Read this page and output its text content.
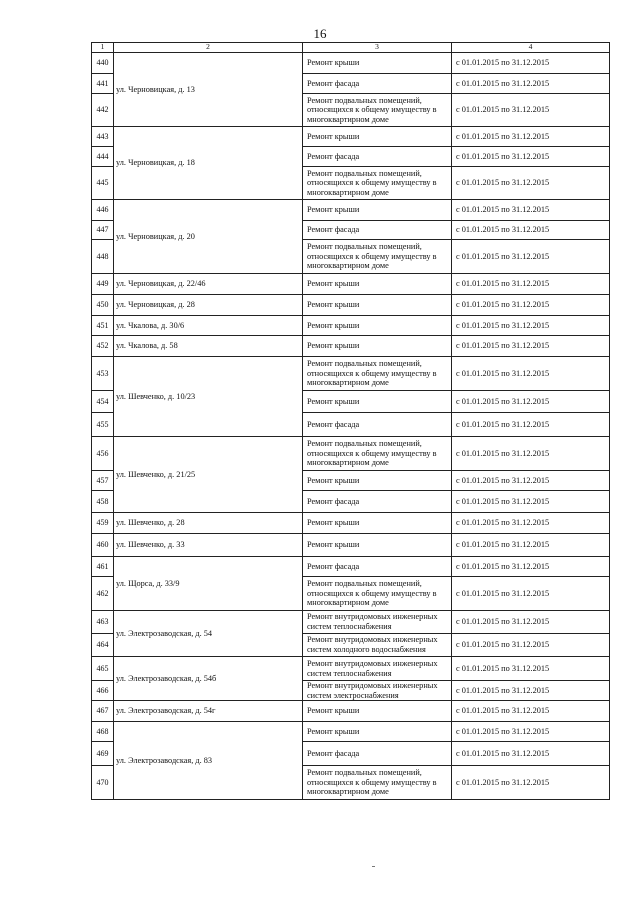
16
1	2	3	4
440	ул. Черновицкая, д. 13	Ремонт крыши	с 01.01.2015 по 31.12.2015
441		Ремонт фасада	с 01.01.2015 по 31.12.2015
442		Ремонт подвальных помещений, относящихся к общему имуществу в многоквартирном доме	с 01.01.2015 по 31.12.2015
443	ул. Черновицкая, д. 18	Ремонт крыши	с 01.01.2015 по 31.12.2015
444		Ремонт фасада	с 01.01.2015 по 31.12.2015
445		Ремонт подвальных помещений, относящихся к общему имуществу в многоквартирном доме	с 01.01.2015 по 31.12.2015
446	ул. Черновицкая, д. 20	Ремонт крыши	с 01.01.2015 по 31.12.2015
447		Ремонт фасада	с 01.01.2015 по 31.12.2015
448		Ремонт подвальных помещений, относящихся к общему имуществу в многоквартирном доме	с 01.01.2015 по 31.12.2015
449	ул. Черновицкая, д. 22/46	Ремонт крыши	с 01.01.2015 по 31.12.2015
450	ул. Черновицкая, д. 28	Ремонт крыши	с 01.01.2015 по 31.12.2015
451	ул. Чкалова, д. 30/6	Ремонт крыши	с 01.01.2015 по 31.12.2015
452	ул. Чкалова, д. 58	Ремонт крыши	с 01.01.2015 по 31.12.2015
453	ул. Шевченко, д. 10/23	Ремонт подвальных помещений, относящихся к общему имуществу в многоквартирном доме	с 01.01.2015 по 31.12.2015
454		Ремонт крыши	с 01.01.2015 по 31.12.2015
455		Ремонт фасада	с 01.01.2015 по 31.12.2015
456	ул. Шевченко, д. 21/25	Ремонт подвальных помещений, относящихся к общему имуществу в многоквартирном доме	с 01.01.2015 по 31.12.2015
457		Ремонт крыши	с 01.01.2015 по 31.12.2015
458		Ремонт фасада	с 01.01.2015 по 31.12.2015
459	ул. Шевченко, д. 28	Ремонт крыши	с 01.01.2015 по 31.12.2015
460	ул. Шевченко, д. 33	Ремонт крыши	с 01.01.2015 по 31.12.2015
461	ул. Щорса, д. 33/9	Ремонт фасада	с 01.01.2015 по 31.12.2015
462		Ремонт подвальных помещений, относящихся к общему имуществу в многоквартирном доме	с 01.01.2015 по 31.12.2015
463	ул. Электрозаводская, д. 54	Ремонт внутридомовых инженерных систем теплоснабжения	с 01.01.2015 по 31.12.2015
464		Ремонт внутридомовых инженерных систем холодного водоснабжения	с 01.01.2015 по 31.12.2015
465	ул. Электрозаводская, д. 54б	Ремонт внутридомовых инженерных систем теплоснабжения	с 01.01.2015 по 31.12.2015
466		Ремонт внутридомовых инженерных систем электроснабжения	с 01.01.2015 по 31.12.2015
467	ул. Электрозаводская, д. 54г	Ремонт крыши	с 01.01.2015 по 31.12.2015
468	ул. Электрозаводская, д. 83	Ремонт крыши	с 01.01.2015 по 31.12.2015
469		Ремонт фасада	с 01.01.2015 по 31.12.2015
470		Ремонт подвальных помещений, относящихся к общему имуществу в многоквартирном доме	с 01.01.2015 по 31.12.2015
